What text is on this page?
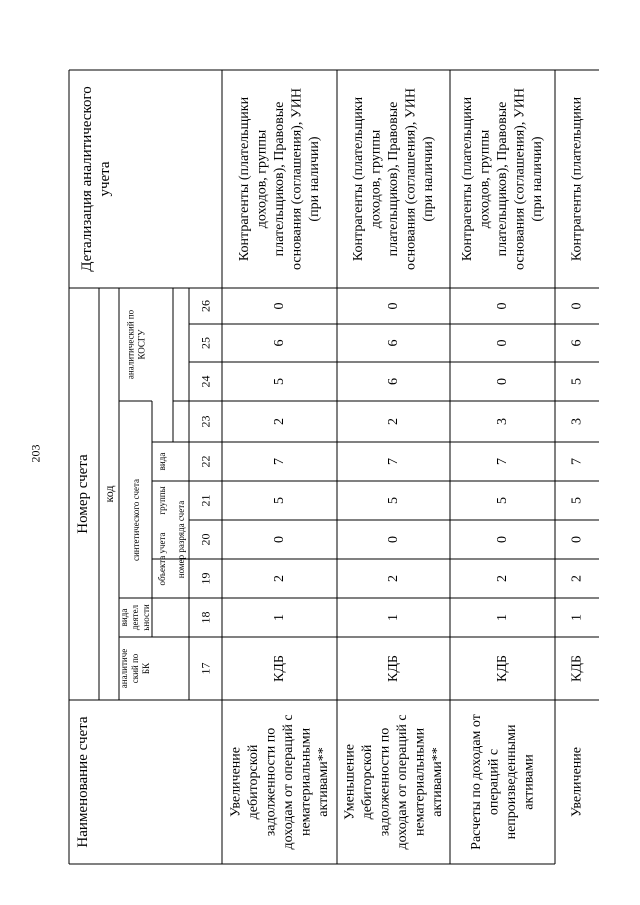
203
Наименование счета
Номер счета
Детализация аналитического учета
код
аналитиче ский по БК
вида деятел ьности
синтетического счета объекта учета
группы
вида
аналитический по КОСГУ
номер разряда счета
17
18
19
20
21
22
23
24
25
26
Увеличение дебиторской задолженности по доходам от операций с нематериальными активами**
КДБ
1
2
0
5
7
2
5
6
0
Контрагенты (плательщики доходов, группы плательщиков), Правовые основания (соглашения), УИН (при наличии)
Уменьшение дебиторской задолженности по доходам от операций с нематериальными активами**
КДБ
1
2
0
5
7
2
6
6
0
Контрагенты (плательщики доходов, группы плательщиков), Правовые основания (соглашения), УИН (при наличии)
Расчеты по доходам от операций с непроизведенными активами
КДБ
1
2
0
5
7
3
0
0
0
Контрагенты (плательщики доходов, группы плательщиков), Правовые основания (соглашения), УИН (при наличии)
Увеличение
КДБ
1
2
0
5
7
3
5
6
0
Контрагенты (плательщики
